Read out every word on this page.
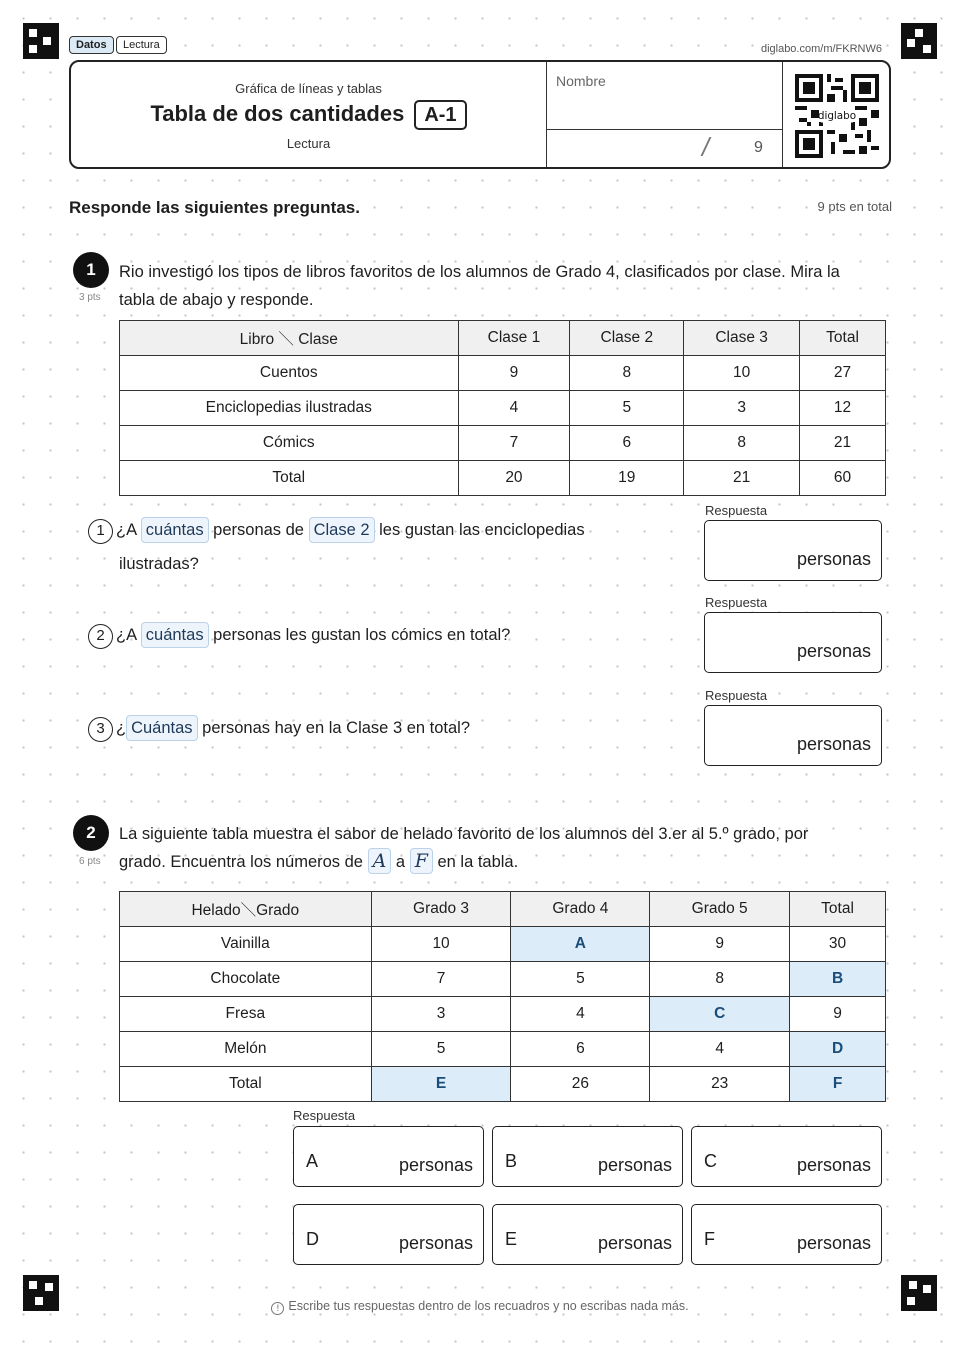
Datos	Lectura	diglabo.com/m/FKRNW6
Gráfica de líneas y tablas
Tabla de dos cantidades A-1
Lectura
Nombre
/	9
diglabo
Responde las siguientes preguntas.	9 pts en total
1
3 pts
Rio investigó los tipos de libros favoritos de los alumnos de Grado 4, clasificados por clase. Mira la
tabla de abajo y responde.
Libro ＼ Clase	Clase 1	Clase 2	Clase 3	Total
Cuentos	9	8	10	27
Enciclopedias ilustradas	4	5	3	12
Cómics	7	6	8	21
Total	20	19	21	60
1 ¿A cuántas personas de Clase 2 les gustan las enciclopedias
ilustradas?
Respuesta
personas
2 ¿A cuántas personas les gustan los cómics en total?
Respuesta
personas
3 ¿ Cuántas personas hay en la Clase 3 en total?
Respuesta
personas
2
6 pts
La siguiente tabla muestra el sabor de helado favorito de los alumnos del 3.er al 5.º grado, por
grado. Encuentra los números de A a F en la tabla.
Helado＼Grado	Grado 3	Grado 4	Grado 5	Total
Vainilla	10	A	9	30
Chocolate	7	5	8	B
Fresa	3	4	C	9
Melón	5	6	4	D
Total	E	26	23	F
Respuesta
A	personas B	personas C	personas
D	personas E	personas F	personas
! Escribe tus respuestas dentro de los recuadros y no escribas nada más.
